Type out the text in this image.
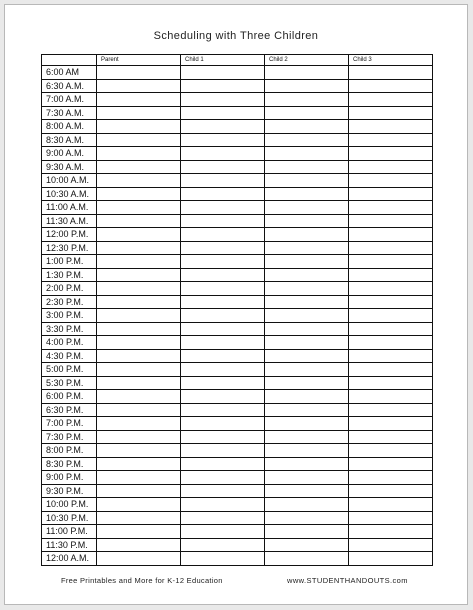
Scheduling with Three Children
	Parent	Child 1	Child 2	Child 3
6:00 AM				
6:30 A.M.				
7:00 A.M.				
7:30 A.M.				
8:00 A.M.				
8:30 A.M.				
9:00 A.M.				
9:30 A.M.				
10:00 A.M.				
10:30 A.M.				
11:00 A.M.				
11:30 A.M.				
12:00 P.M.				
12:30 P.M.				
1:00 P.M.				
1:30 P.M.				
2:00 P.M.				
2:30 P.M.				
3:00 P.M.				
3:30 P.M.				
4:00 P.M.				
4:30 P.M.				
5:00 P.M.				
5:30 P.M.				
6:00 P.M.				
6:30 P.M.				
7:00 P.M.				
7:30 P.M.				
8:00 P.M.				
8:30 P.M.				
9:00 P.M.				
9:30 P.M.				
10:00 P.M.				
10:30 P.M.				
11:00 P.M.				
11:30 P.M.				
12:00 A.M.				
Free Printables and More for K-12 Education	www.STUDENTHANDOUTS.com
